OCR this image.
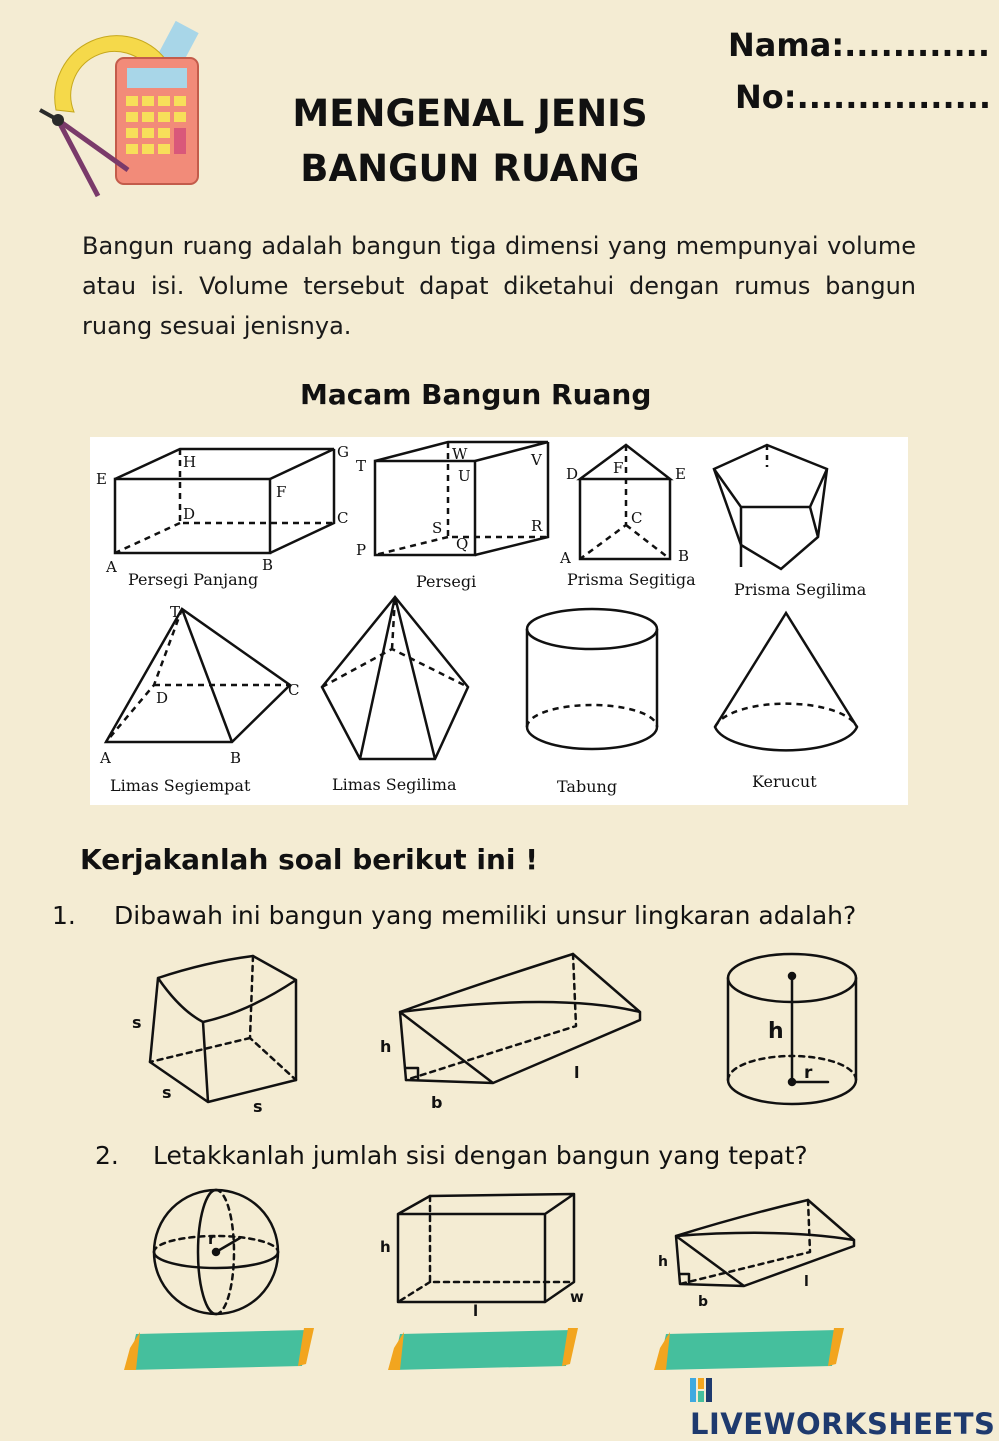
MENGENAL JENIS
BANGUN RUANG
Nama:............
No:................

Bangun ruang adalah bangun tiga dimensi yang mempunyai volume atau isi. Volume tersebut dapat diketahui dengan rumus bangun ruang sesuai jenisnya.

Macam Bangun Ruang
E
H
G
F
D	C
A	B
Persegi Panjang
T
W	V
U
S	R
P	Q
Persegi
D F	E
C
A	B
Prisma Segitiga
Prisma Segilima
T
D	C
A	B
Limas Segiempat	Limas Segilima	Tabung	Kerucut
Kerjakanlah soal berikut ini !
1. Dibawah ini bangun yang memiliki unsur lingkaran adalah?
s
s
s
h
b
l
h
r
2. Letakkanlah jumlah sisi dengan bangun yang tepat?
r	h
l
w
h
b
l
LIVEWORKSHEETS
